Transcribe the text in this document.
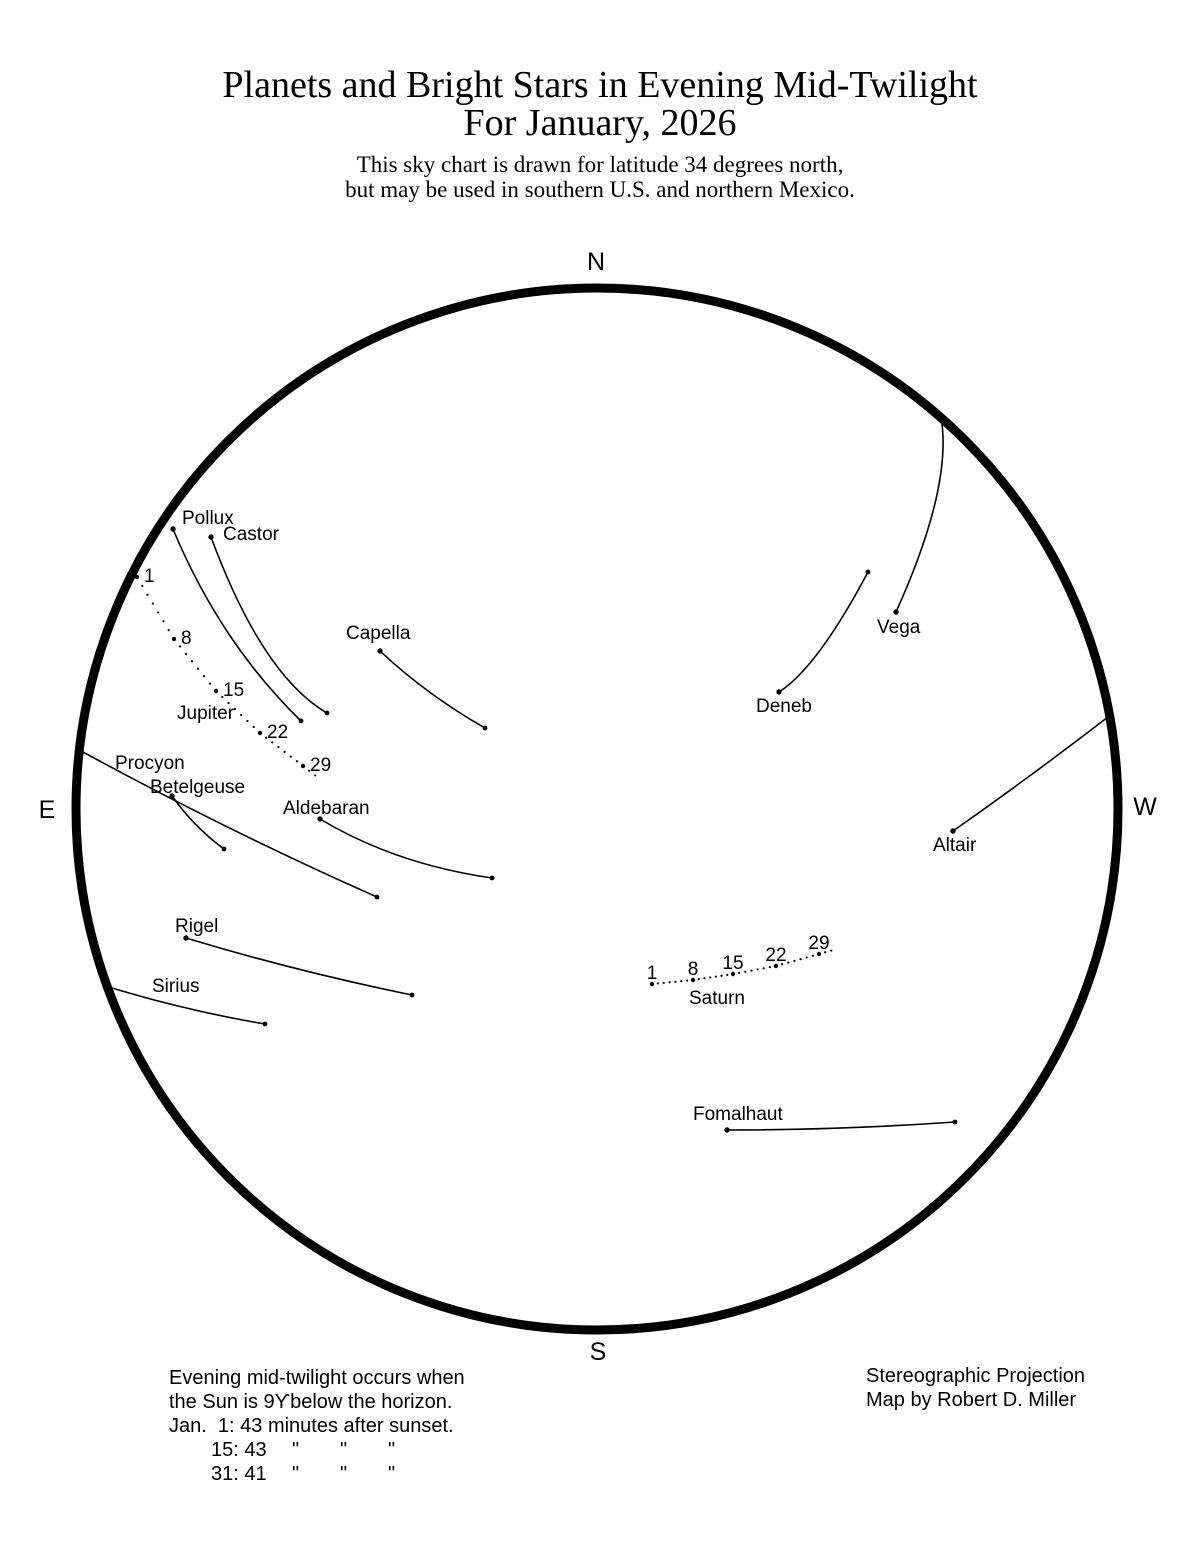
Planets and Bright Stars in Evening Mid-Twilight
For January, 2026
This sky chart is drawn for latitude 34 degrees north,
but may be used in southern U.S. and northern Mexico.
N
E	W
S
Pollux
Castor
Capella
Procyon
Betelgeuse
Aldebaran
Rigel
Sirius
Vega
Deneb
Altair
Fomalhaut
1
8
15
22
29
Jupiter
1 8 15 22
29
Saturn
Evening mid-twilight occurs when
the Sun is 9ϒbelow the horizon.
Jan.  1: 43 minutes after sunset.
15: 43 " " "
31: 41 " " "
Stereographic Projection
Map by Robert D. Miller
